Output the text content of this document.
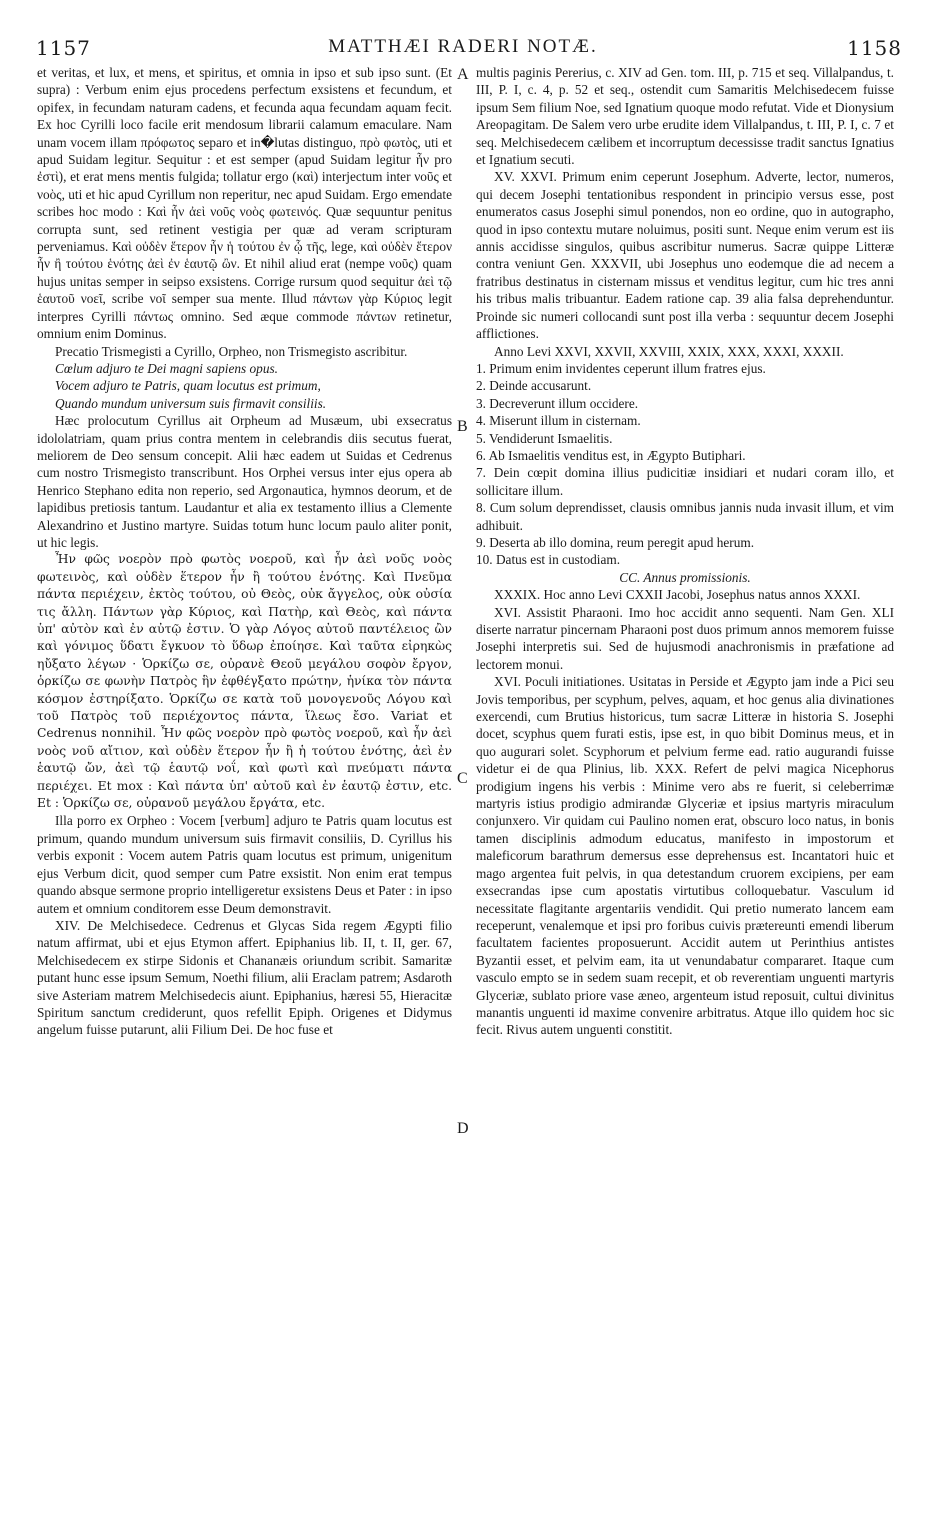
1157	MATTHÆI RADERI NOTÆ.	1158
A
B
C
D

et veritas, et lux, et mens, et spiritus, et omnia in ipso et sub ipso sunt. (Et supra) : Verbum enim ejus procedens perfectum exsistens et fecundum, et opifex, in fecundam naturam cadens, et fecunda aqua fecundam aquam fecit. Ex hoc Cyrilli loco facile erit mendosum librarii calamum emaculare. Nam unam vocem illam πρόφωτος separo et in�lutas distinguo, πρὸ φωτὸς, uti et apud Suidam legitur. Sequitur : et est semper (apud Suidam legitur ἦν pro ἐστὶ), et erat mens mentis fulgida; tollatur ergo (καὶ) interjectum inter νοῦς et νοὸς, uti et hic apud Cyrillum non reperitur, nec apud Suidam. Ergo emendate scribes hoc modo : Καὶ ἦν ἀεὶ νοῦς νοὸς φωτεινός. Quæ sequuntur penitus corrupta sunt, sed retinent vestigia per quæ ad veram scripturam perveniamus. Καὶ οὐδὲν ἕτερον ἦν ἡ τούτου ἐν ᾧ τῆς, lege, καὶ οὐδὲν ἕτερον ἦν ἢ τούτου ἑνότης ἀεὶ ἐν ἑαυτῷ ὢν. Et nihil aliud erat (nempe νοῦς) quam hujus unitas semper in seipso exsistens. Corrige rursum quod sequitur ἀεὶ τῷ ἑαυτοῦ νοεῖ, scribe νοῖ semper sua mente. Illud πάντων γὰρ Κύριος legit interpres Cyrilli πάντως omnino. Sed æque commode πάντων retinetur, omnium enim Dominus.

Precatio Trismegisti a Cyrillo, Orpheo, non Trismegisto ascribitur.

Cœlum adjuro te Dei magni sapiens opus.

Vocem adjuro te Patris, quam locutus est primum,

Quando mundum universum suis firmavit consiliis.

Hæc prolocutum Cyrillus ait Orpheum ad Musæum, ubi exsecratus idololatriam, quam prius contra mentem in celebrandis diis secutus fuerat, meliorem de Deo sensum concepit. Alii hæc eadem ut Suidas et Cedrenus cum nostro Trismegisto transcribunt. Hos Orphei versus inter ejus opera ab Henrico Stephano edita non reperio, sed Argonautica, hymnos deorum, et de lapidibus pretiosis tantum. Laudantur et alia ex testamento illius a Clemente Alexandrino et Justino martyre. Suidas totum hunc locum paulo aliter ponit, ut hic legis.

Ἦν φῶς νοερὸν πρὸ φωτὸς νοεροῦ, καὶ ἦν ἀεὶ νοῦς νοὸς φωτεινὸς, καὶ οὐδὲν ἕτερον ἦν ἢ τούτου ἑνότης. Καὶ Πνεῦμα πάντα περιέχειν, ἐκτὸς τούτου, οὐ Θεὸς, οὐκ ἄγγελος, οὐκ οὐσία τις ἄλλη. Πάντων γὰρ Κύριος, καὶ Πατὴρ, καὶ Θεὸς, καὶ πάντα ὑπ' αὐτὸν καὶ ἐν αὐτῷ ἐστιν. Ὁ γὰρ Λόγος αὐτοῦ παντέλειος ὢν καὶ γόνιμος ὕδατι ἔγκυον τὸ ὕδωρ ἐποίησε. Καὶ ταῦτα εἰρηκὼς ηὔξατο λέγων · Ὁρκίζω σε, οὐρανὲ Θεοῦ μεγάλου σοφὸν ἔργον, ὁρκίζω σε φωνὴν Πατρὸς ἣν ἐφθέγξατο πρώτην, ἡνίκα τὸν πάντα κόσμον ἐστηρίξατο. Ὁρκίζω σε κατὰ τοῦ μονογενοῦς Λόγου καὶ τοῦ Πατρὸς τοῦ περιέχοντος πάντα, ἵλεως ἔσο. Variat et Cedrenus nonnihil. Ἦν φῶς νοερὸν πρὸ φωτὸς νοεροῦ, καὶ ἦν ἀεὶ νοὸς νοῦ αἴτιον, καὶ οὐδὲν ἕτερον ἦν ἢ ἡ τούτου ἑνότης, ἀεὶ ἐν ἑαυτῷ ὤν, ἀεὶ τῷ ἑαυτῷ νοΐ, καὶ φωτὶ καὶ πνεύματι πάντα περιέχει. Et mox : Καὶ πάντα ὑπ' αὐτοῦ καὶ ἐν ἑαυτῷ ἐστιν, etc. Et : Ὁρκίζω σε, οὐρανοῦ μεγάλου ἔργάτα, etc.

Illa porro ex Orpheo : Vocem [verbum] adjuro te Patris quam locutus est primum, quando mundum universum suis firmavit consiliis, D. Cyrillus his verbis exponit : Vocem autem Patris quam locutus est primum, unigenitum ejus Verbum dicit, quod semper cum Patre exsistit. Non enim erat tempus quando absque sermone proprio intelligeretur exsistens Deus et Pater : in ipso autem et omnium conditorem esse Deum demonstravit.

XIV. De Melchisedece. Cedrenus et Glycas Sida regem Ægypti filio natum affirmat, ubi et ejus Etymon affert. Epiphanius lib. II, t. II, ger. 67, Melchisedecem ex stirpe Sidonis et Chananæis oriundum scribit. Samaritæ putant hunc esse ipsum Semum, Noethi filium, alii Eraclam patrem; Asdaroth sive Asteriam matrem Melchisedecis aiunt. Epiphanius, hæresi 55, Hieracitæ Spiritum sanctum crediderunt, quos refellit Epiph. Origenes et Didymus angelum fuisse putarunt, alii Filium Dei. De hoc fuse et

multis paginis Pererius, c. XIV ad Gen. tom. III, p. 715 et seq. Villalpandus, t. III, P. I, c. 4, p. 52 et seq., ostendit cum Samaritis Melchisedecem fuisse ipsum Sem filium Noe, sed Ignatium quoque modo refutat. Vide et Dionysium Areopagitam. De Salem vero urbe erudite idem Villalpandus, t. III, P. I, c. 7 et seq. Melchisedecem cælibem et incorruptum decessisse tradit sanctus Ignatius et Ignatium secuti.

XV. XXVI. Primum enim ceperunt Josephum. Adverte, lector, numeros, qui decem Josephi tentationibus respondent in principio versus esse, post enumeratos casus Josephi simul ponendos, non eo ordine, quo in autographo, quod in ipso contextu mutare noluimus, positi sunt. Neque enim verum est iis annis accidisse singulos, quibus ascribitur numerus. Sacræ quippe Litteræ contra veniunt Gen. XXXVII, ubi Josephus uno eodemque die ad necem a fratribus destinatus in cisternam missus et venditus legitur, cum hic tres anni his tribus malis tribuantur. Eadem ratione cap. 39 alia falsa deprehenduntur. Proinde sic numeri collocandi sunt post illa verba : sequuntur decem Josephi afflictiones.

Anno Levi XXVI, XXVII, XXVIII, XXIX, XXX, XXXI, XXXII.

1. Primum enim invidentes ceperunt illum fratres ejus.
2. Deinde accusarunt.
3. Decreverunt illum occidere.
4. Miserunt illum in cisternam.
5. Vendiderunt Ismaelitis.
6. Ab Ismaelitis venditus est, in Ægypto Butiphari.
7. Dein cœpit domina illius pudicitiæ insidiari et nudari coram illo, et sollicitare illum.
8. Cum solum deprendisset, clausis omnibus jannis nuda invasit illum, et vim adhibuit.
9. Deserta ab illo domina, reum peregit apud herum.
10. Datus est in custodiam.

CC. Annus promissionis.

XXXIX. Hoc anno Levi CXXII Jacobi, Josephus natus annos XXXI.

XVI. Assistit Pharaoni. Imo hoc accidit anno sequenti. Nam Gen. XLI diserte narratur pincernam Pharaoni post duos primum annos memorem fuisse Josephi interpretis sui. Sed de hujusmodi anachronismis in præfatione ad lectorem monui.

XVI. Poculi initiationes. Usitatas in Perside et Ægypto jam inde a Pici seu Jovis temporibus, per scyphum, pelves, aquam, et hoc genus alia divinationes exercendi, cum Brutius historicus, tum sacræ Litteræ in historia S. Josephi docet, scyphus quem furati estis, ipse est, in quo bibit Dominus meus, et in quo augurari solet. Scyphorum et pelvium ferme ead. ratio augurandi fuisse videtur ei de qua Plinius, lib. XXX. Refert de pelvi magica Nicephorus prodigium ingens his verbis : Minime vero abs re fuerit, si celeberrimæ martyris istius prodigio admirandæ Glyceriæ et ipsius martyris miraculum conjunxero. Vir quidam cui Paulino nomen erat, obscuro loco natus, in bonis tamen disciplinis admodum educatus, manifesto in impostorum et maleficorum barathrum demersus esse deprehensus est. Incantatori huic et mago argentea fuit pelvis, in qua detestandum cruorem excipiens, per eam exsecrandas ipse cum apostatis virtutibus colloquebatur. Vasculum id necessitate flagitante argentariis vendidit. Qui pretio numerato lancem eam receperunt, venalemque et ipsi pro foribus cuivis prætereunti emendi liberum facultatem facientes proposuerunt. Accidit autem ut Perinthius antistes Byzantii esset, et pelvim eam, ita ut venundabatur compararet. Itaque cum vasculo empto se in sedem suam recepit, et ob reverentiam unguenti martyris Glyceriæ, sublato priore vase æneo, argenteum istud reposuit, cultui divinitus manantis unguenti id maxime convenire arbitratus. Atque illo quidem hoc sic fecit. Rivus autem unguenti constitit.
